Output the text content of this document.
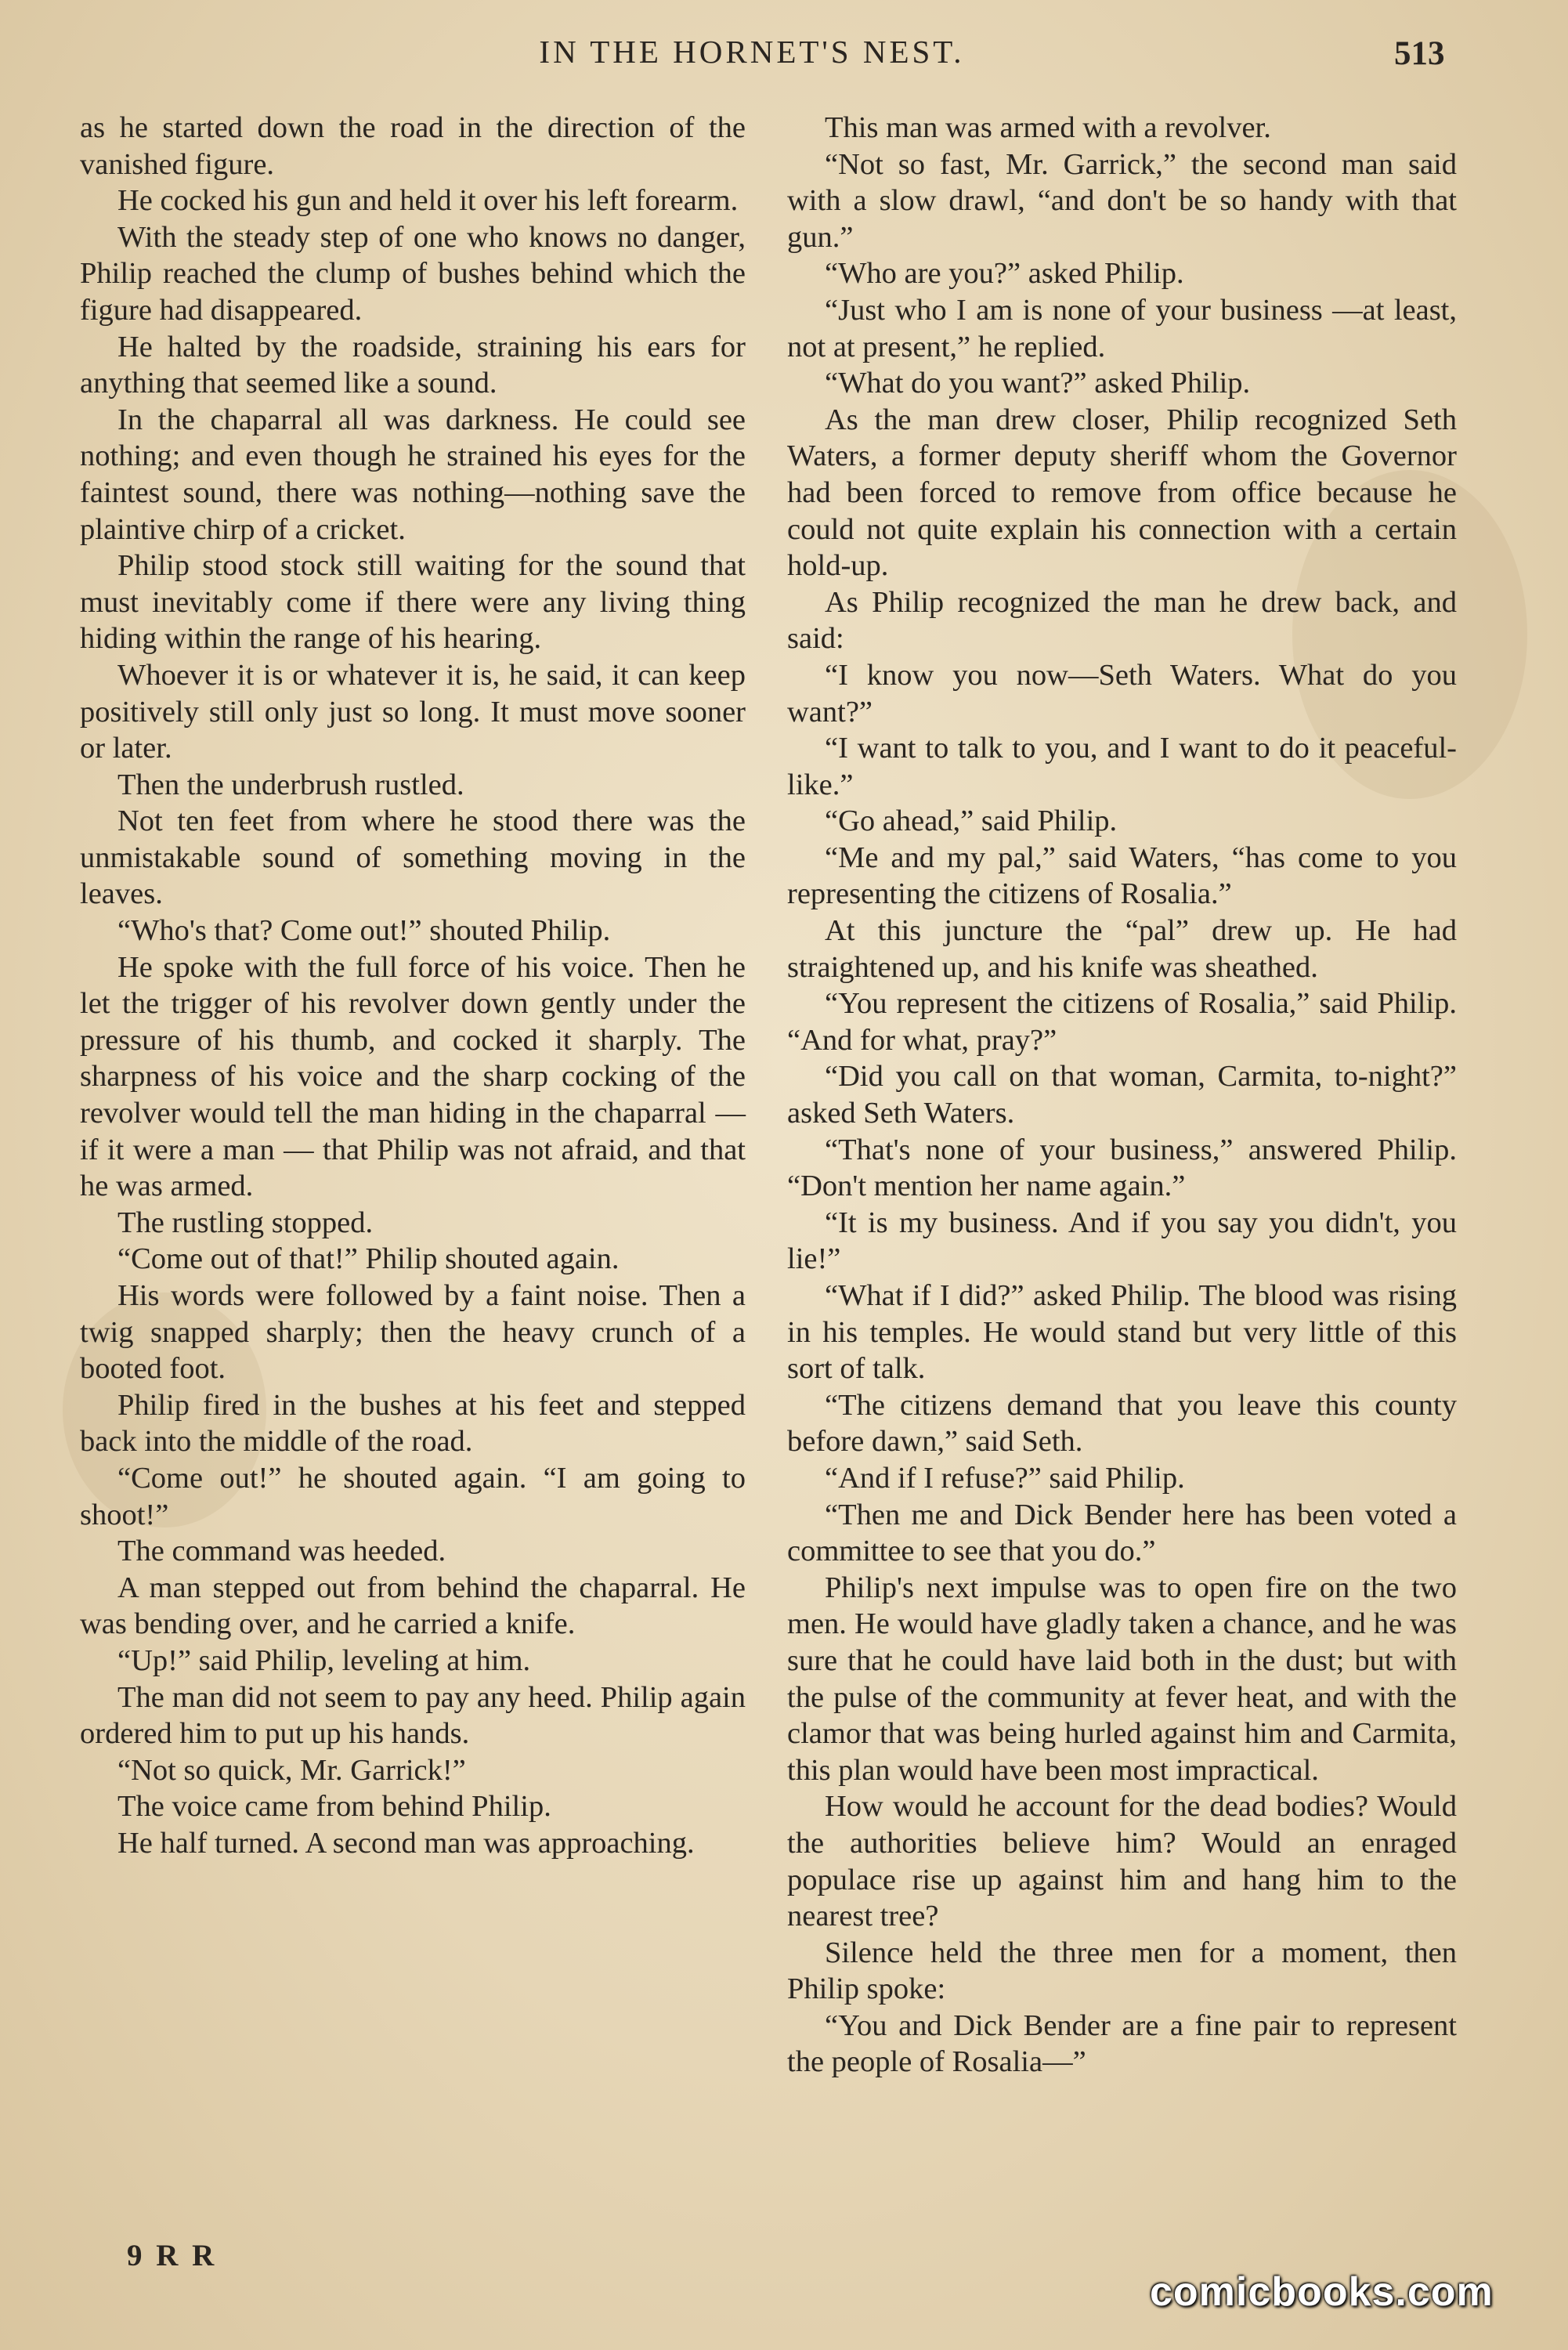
IN THE HORNET'S NEST.	513

as he started down the road in the direction of the vanished figure.

He cocked his gun and held it over his left forearm.

With the steady step of one who knows no danger, Philip reached the clump of bushes behind which the figure had disappeared.

He halted by the roadside, straining his ears for anything that seemed like a sound.

In the chaparral all was darkness. He could see nothing; and even though he strained his eyes for the faintest sound, there was nothing—nothing save the plaintive chirp of a cricket.

Philip stood stock still waiting for the sound that must inevitably come if there were any living thing hiding within the range of his hearing.

Whoever it is or whatever it is, he said, it can keep positively still only just so long. It must move sooner or later.

Then the underbrush rustled.

Not ten feet from where he stood there was the unmistakable sound of something moving in the leaves.

“Who's that? Come out!” shouted Philip.

He spoke with the full force of his voice. Then he let the trigger of his revolver down gently under the pressure of his thumb, and cocked it sharply. The sharpness of his voice and the sharp cocking of the revolver would tell the man hiding in the chaparral —if it were a man — that Philip was not afraid, and that he was armed.

The rustling stopped.

“Come out of that!” Philip shouted again.

His words were followed by a faint noise. Then a twig snapped sharply; then the heavy crunch of a booted foot.

Philip fired in the bushes at his feet and stepped back into the middle of the road.

“Come out!” he shouted again. “I am going to shoot!”

The command was heeded.

A man stepped out from behind the chaparral. He was bending over, and he carried a knife.

“Up!” said Philip, leveling at him.

The man did not seem to pay any heed. Philip again ordered him to put up his hands.

“Not so quick, Mr. Garrick!”

The voice came from behind Philip.

He half turned. A second man was approaching.

This man was armed with a revolver.

“Not so fast, Mr. Garrick,” the second man said with a slow drawl, “and don't be so handy with that gun.”

“Who are you?” asked Philip.

“Just who I am is none of your business —at least, not at present,” he replied.

“What do you want?” asked Philip.

As the man drew closer, Philip recognized Seth Waters, a former deputy sheriff whom the Governor had been forced to remove from office because he could not quite explain his connection with a certain hold-up.

As Philip recognized the man he drew back, and said:

“I know you now—Seth Waters. What do you want?”

“I want to talk to you, and I want to do it peaceful-like.”

“Go ahead,” said Philip.

“Me and my pal,” said Waters, “has come to you representing the citizens of Rosalia.”

At this juncture the “pal” drew up. He had straightened up, and his knife was sheathed.

“You represent the citizens of Rosalia,” said Philip. “And for what, pray?”

“Did you call on that woman, Carmita, to-night?” asked Seth Waters.

“That's none of your business,” answered Philip. “Don't mention her name again.”

“It is my business. And if you say you didn't, you lie!”

“What if I did?” asked Philip. The blood was rising in his temples. He would stand but very little of this sort of talk.

“The citizens demand that you leave this county before dawn,” said Seth.

“And if I refuse?” said Philip.

“Then me and Dick Bender here has been voted a committee to see that you do.”

Philip's next impulse was to open fire on the two men. He would have gladly taken a chance, and he was sure that he could have laid both in the dust; but with the pulse of the community at fever heat, and with the clamor that was being hurled against him and Carmita, this plan would have been most impractical.

How would he account for the dead bodies? Would the authorities believe him? Would an enraged populace rise up against him and hang him to the nearest tree?

Silence held the three men for a moment, then Philip spoke:

“You and Dick Bender are a fine pair to represent the people of Rosalia—”

9 R R
comicbooks.com
